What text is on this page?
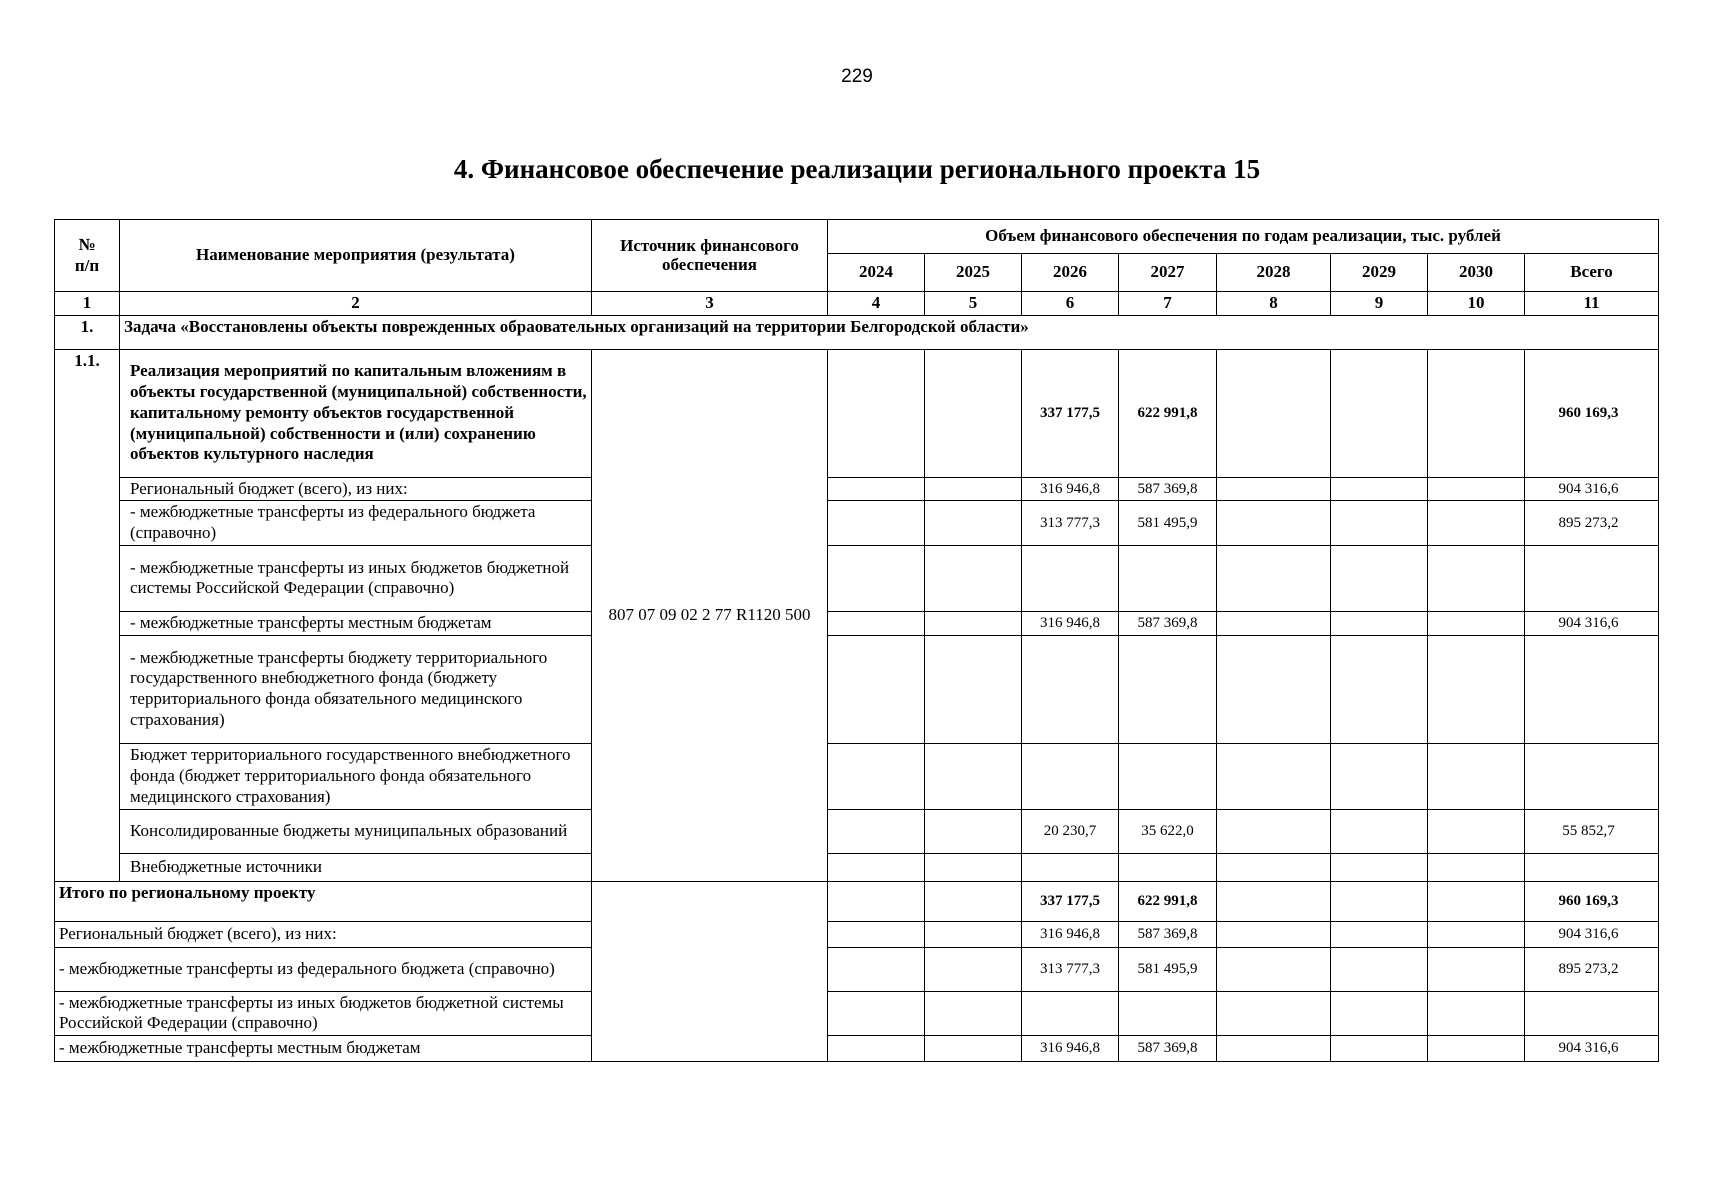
229
4. Финансовое обеспечение реализации регионального проекта 15
№
п/п	Наименование мероприятия (результата)	Источник финансового обеспечения	Объем финансового обеспечения по годам реализации, тыс. рублей							
			2024	2025	2026	2027	2028	2029	2030	Всего
1	2	3	4	5	6	7	8	9	10	11
1.	Задача «Восстановлены объекты поврежденных обраовательных организаций на территории Белгородской области»									
1.1.	Реализация мероприятий по капитальным вложениям в объекты государственной (муниципальной) собственности, капитальному ремонту объектов государственной (муниципальной) собственности и (или) сохранению объектов культурного наследия	807 07 09 02 2 77 R1120 500			337 177,5	622 991,8				960 169,3
	Региональный бюджет (всего), из них:				316 946,8	587 369,8				904 316,6
	- межбюджетные трансферты из федерального бюджета (справочно)				313 777,3	581 495,9				895 273,2
	- межбюджетные трансферты из иных бюджетов бюджетной системы Российской Федерации (справочно)									
	- межбюджетные трансферты местным бюджетам				316 946,8	587 369,8				904 316,6
	- межбюджетные трансферты бюджету территориального государственного внебюджетного фонда (бюджету территориального фонда обязательного медицинского страхования)									
	Бюджет территориального государственного внебюджетного фонда (бюджет территориального фонда обязательного медицинского страхования)									
	Консолидированные бюджеты муниципальных образований				20 230,7	35 622,0				55 852,7
	Внебюджетные источники									
Итого по региональному проекту					337 177,5	622 991,8				960 169,3
Региональный бюджет (всего), из них:					316 946,8	587 369,8				904 316,6
- межбюджетные трансферты из федерального бюджета (справочно)					313 777,3	581 495,9				895 273,2
- межбюджетные трансферты из иных бюджетов бюджетной системы Российской Федерации (справочно)										
- межбюджетные трансферты местным бюджетам					316 946,8	587 369,8				904 316,6
